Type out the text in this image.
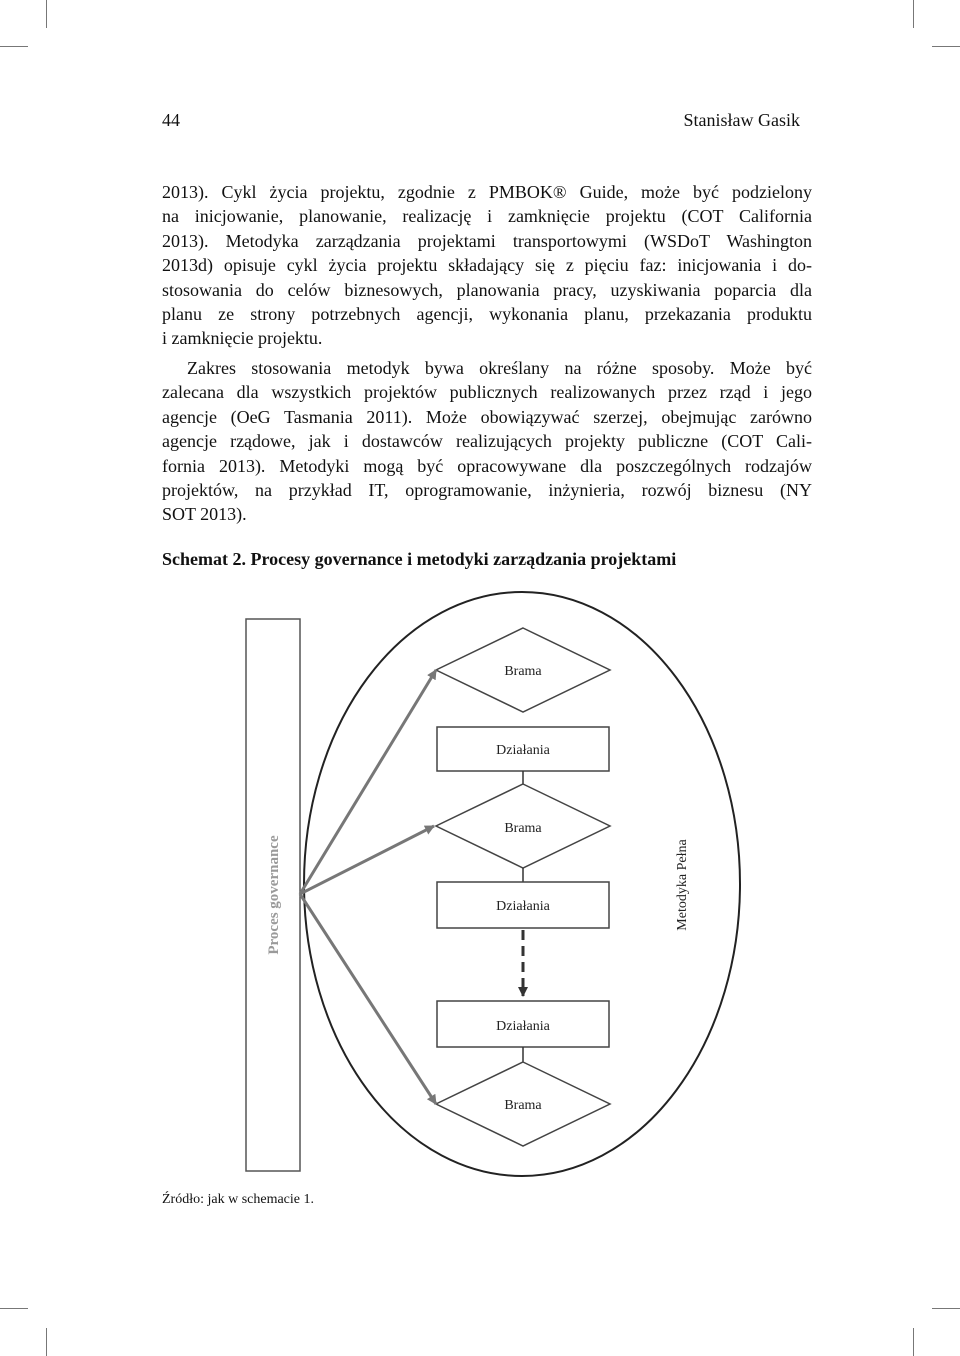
44	Stanisław Gasik

2013). Cykl życia projektu, zgodnie z PMBOK® Guide, może być podzielony
na inicjowanie, planowanie, realizację i zamknięcie projektu (COT California
2013). Metodyka zarządzania projektami transportowymi (WSDoT Washington
2013d) opisuje cykl życia projektu składający się z pięciu faz: inicjowania i do-
stosowania do celów biznesowych, planowania pracy, uzyskiwania poparcia dla
planu ze strony potrzebnych agencji, wykonania planu, przekazania produktu
i zamknięcie projektu.

Zakres stosowania metodyk bywa określany na różne sposoby. Może być
zalecana dla wszystkich projektów publicznych realizowanych przez rząd i jego
agencje (OeG Tasmania 2011). Może obowiązywać szerzej, obejmując zarówno
agencje rządowe, jak i dostawców realizujących projekty publiczne (COT Cali-
fornia 2013). Metodyki mogą być opracowywane dla poszczególnych rodzajów
projektów, na przykład IT, oprogramowanie, inżynieria, rozwój biznesu (NY
SOT 2013).

Schemat 2. Procesy governance i metodyki zarządzania projektami
Proces governance	Metodyka Pełna
Brama
Działania
Brama
Działania
Działania
Brama
Źródło: jak w schemacie 1.
